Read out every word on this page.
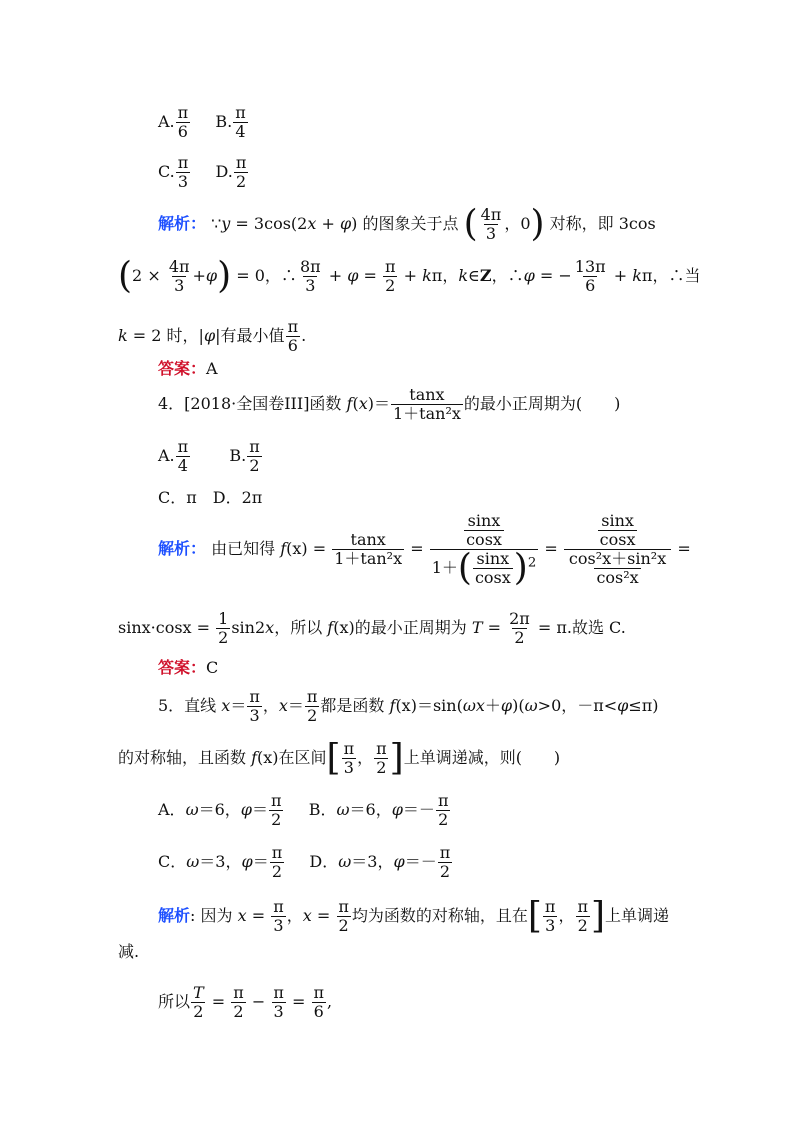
A. $\frac{\pi}{6} B$. $\frac{\pi}{4}$
C. $\frac{\pi}{3} D$. $\frac{\pi}{2}$
解析： ∵y = 3cos(2x + φ) 的图象关于点 ( $\frac{4\pi}{3}$ ，0) 对称，即 3cos
$(2 \times \frac{4\pi}{3} +\varphi) = 0$，∴ $\frac{8\pi}{3} + \varphi = \frac{\pi}{2} + k\pi$，k∈Z，∴φ = − $\frac{13\pi}{6} + k\pi$，∴当
k = 2 时，|φ|有最小值 $\frac{\pi}{6}$ .
答案：A
4．[2018·全国卷III]函数 $f(x)= \frac{\tan x}{\text{1＋tan²x}}$ 的最小正周期为(　　)
A. $\frac{\pi}{4} B$. $\frac{\pi}{2}$
C．π　D．2π
解析： 由已知得 $f(x) = \frac{\tan x}{\text{1＋tan²x}} = \frac{\frac{\sin x}{\cos x}}{1+( \frac{\sin x}{\cos x} )^2} = \frac{\frac{\sin x}{\cos x}}{\frac{\text{cos²x＋sin²x}}{\text{cos²x}}}$ =
$\sin x\cdot\cos x = \frac{1}{2} \sin 2x$，所以 f(x)的最小正周期为 $T = \frac{2\pi}{2} = \pi$.故选 C.
答案：C
5．直线 $x= \frac{\pi}{3}$ ，$x= \frac{\pi}{2}$ 都是函数 f(x)＝sin(ωx＋φ)(ω>0，－π<φ≤π)
的对称轴，且函数 f(x)在区间[ $\frac{\pi}{3}$ ， $\frac{\pi}{2}$ ]上单调递减，则(　　)
A．ω＝6，$\varphi= \frac{\pi}{2}$ B．ω＝6，$\varphi=- \frac{\pi}{2}$
C．ω＝3，$\varphi= \frac{\pi}{2}$ D．ω＝3，$\varphi=- \frac{\pi}{2}$
解析: 因为 $x = \frac{\pi}{3}$ ，$x = \frac{\pi}{2}$ 均为函数的对称轴，且在[ $\frac{\pi}{3}$ ， $\frac{\pi}{2}$ ]上单调递
减.
所以 $\frac{T}{2} = \frac{\pi}{2} - \frac{\pi}{3} = \frac{\pi}{6}$ ,
